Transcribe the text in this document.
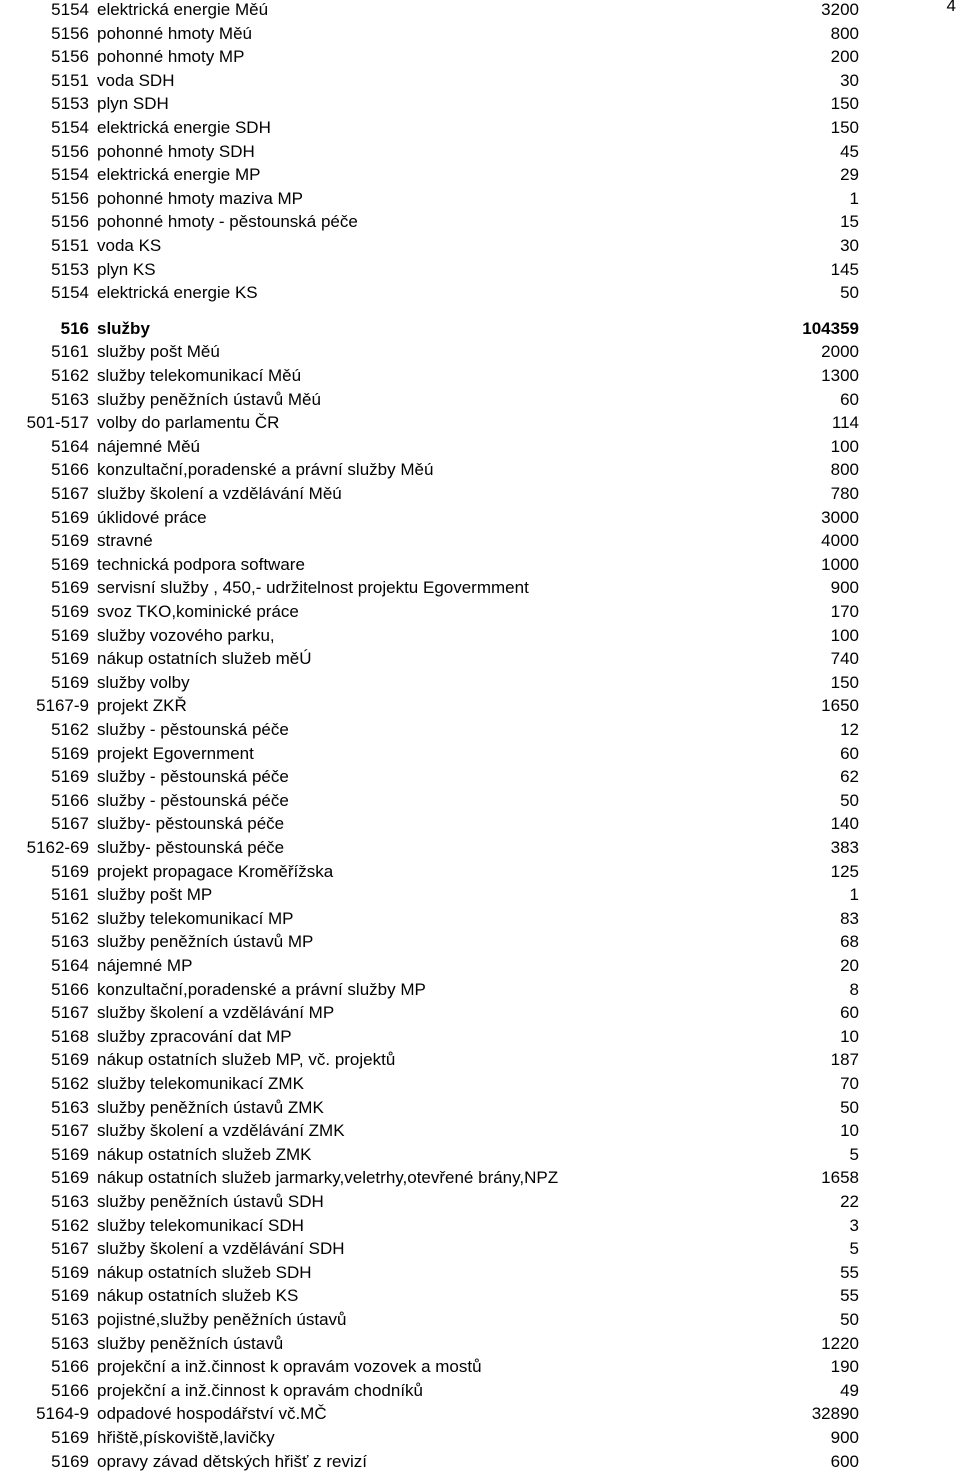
4
5154 elektrická energie Měú	3200
5156 pohonné hmoty Měú	800
5156 pohonné hmoty MP	200
5151 voda SDH	30
5153 plyn SDH	150
5154 elektrická energie SDH	150
5156 pohonné hmoty SDH	45
5154 elektrická energie MP	29
5156 pohonné hmoty maziva MP	1
5156 pohonné hmoty - pěstounská péče	15
5151 voda KS	30
5153 plyn KS	145
5154 elektrická energie KS	50
516 služby	104359
5161 služby pošt Měú	2000
5162 služby telekomunikací Měú	1300
5163 služby peněžních ústavů Měú	60
501-517 volby do parlamentu ČR	114
5164 nájemné Měú	100
5166 konzultační,poradenské a právní služby Měú	800
5167 služby školení a vzdělávání Měú	780
5169 úklidové práce	3000
5169 stravné	4000
5169 technická podpora software	1000
5169 servisní služby , 450,- udržitelnost projektu Egovermment	900
5169 svoz TKO,kominické práce	170
5169 služby vozového parku,	100
5169 nákup ostatních služeb měÚ	740
5169 služby volby	150
5167-9 projekt ZKŘ	1650
5162 služby - pěstounská péče	12
5169 projekt Egovernment	60
5169 služby - pěstounská péče	62
5166 služby - pěstounská péče	50
5167 služby- pěstounská péče	140
5162-69 služby- pěstounská péče	383
5169 projekt propagace Kroměřížska	125
5161 služby pošt MP	1
5162 služby telekomunikací MP	83
5163 služby peněžních ústavů MP	68
5164 nájemné MP	20
5166 konzultační,poradenské a právní služby MP	8
5167 služby školení a vzdělávání MP	60
5168 služby zpracování dat MP	10
5169 nákup ostatních služeb MP, vč. projektů	187
5162 služby telekomunikací ZMK	70
5163 služby peněžních ústavů ZMK	50
5167 služby školení a vzdělávání ZMK	10
5169 nákup ostatních služeb ZMK	5
5169 nákup ostatních služeb jarmarky,veletrhy,otevřené brány,NPZ	1658
5163 služby peněžních ústavů SDH	22
5162 služby telekomunikací SDH	3
5167 služby školení a vzdělávání SDH	5
5169 nákup ostatních služeb SDH	55
5169 nákup ostatních služeb KS	55
5163 pojistné,služby peněžních ústavů	50
5163 služby peněžních ústavů	1220
5166 projekční a inž.činnost k opravám vozovek a mostů	190
5166 projekční a inž.činnost k opravám chodníků	49
5164-9 odpadové hospodářství vč.MČ	32890
5169 hřiště,pískoviště,lavičky	900
5169 opravy závad dětských hřišť z revizí	600
